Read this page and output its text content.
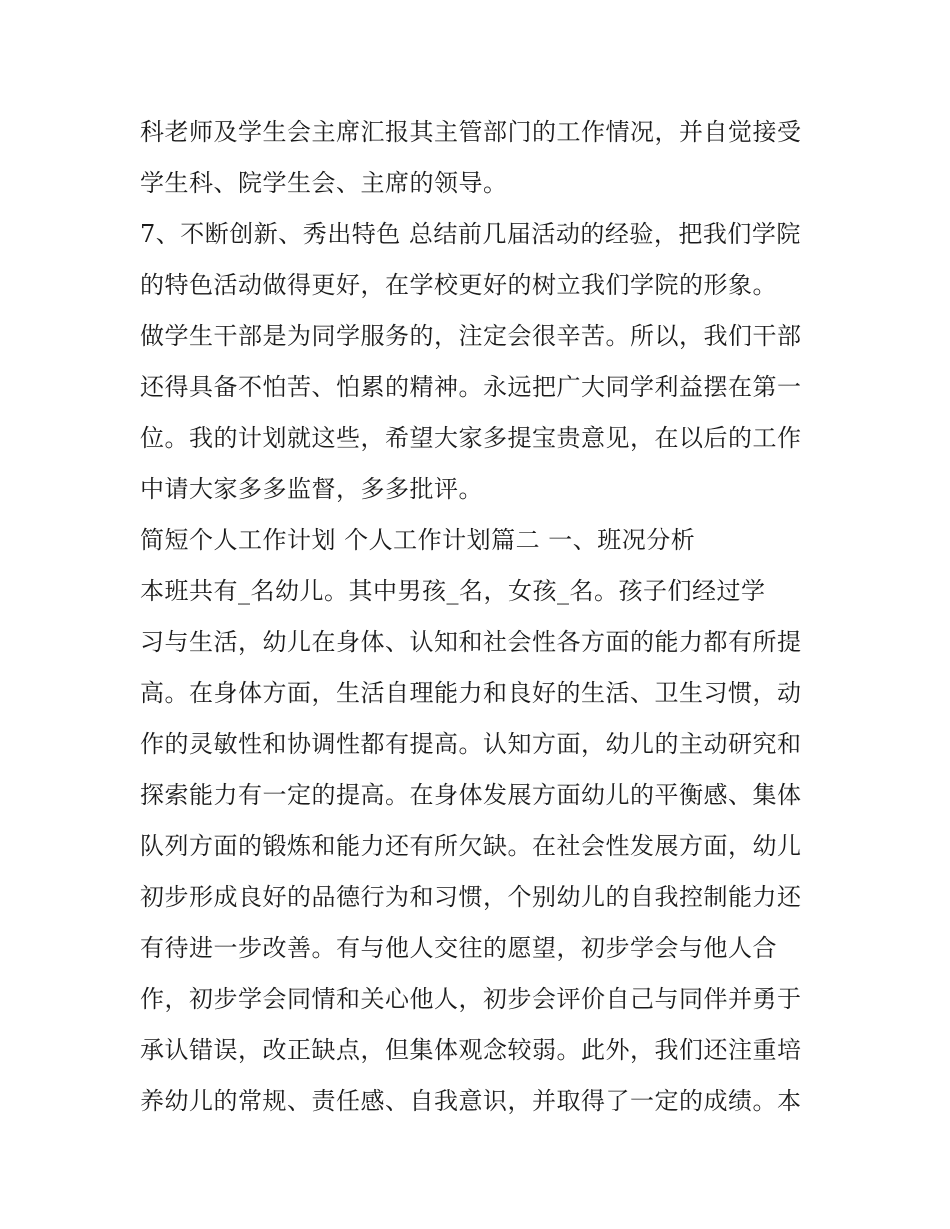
科老师及学生会主席汇报其主管部门的工作情况，并自觉接受
学生科、院学生会、主席的领导。
7、不断创新、秀出特色 总结前几届活动的经验，把我们学院
的特色活动做得更好，在学校更好的树立我们学院的形象。
做学生干部是为同学服务的，注定会很辛苦。所以，我们干部
还得具备不怕苦、怕累的精神。永远把广大同学利益摆在第一
位。我的计划就这些，希望大家多提宝贵意见，在以后的工作
中请大家多多监督，多多批评。
简短个人工作计划 个人工作计划篇二 一、班况分析
本班共有_名幼儿。其中男孩_名，女孩_名。孩子们经过学
习与生活，幼儿在身体、认知和社会性各方面的能力都有所提
高。在身体方面，生活自理能力和良好的生活、卫生习惯，动
作的灵敏性和协调性都有提高。认知方面，幼儿的主动研究和
探索能力有一定的提高。在身体发展方面幼儿的平衡感、集体
队列方面的锻炼和能力还有所欠缺。在社会性发展方面，幼儿
初步形成良好的品德行为和习惯，个别幼儿的自我控制能力还
有待进一步改善。有与他人交往的愿望，初步学会与他人合
作，初步学会同情和关心他人，初步会评价自己与同伴并勇于
承认错误，改正缺点，但集体观念较弱。此外，我们还注重培
养幼儿的常规、责任感、自我意识，并取得了一定的成绩。本
